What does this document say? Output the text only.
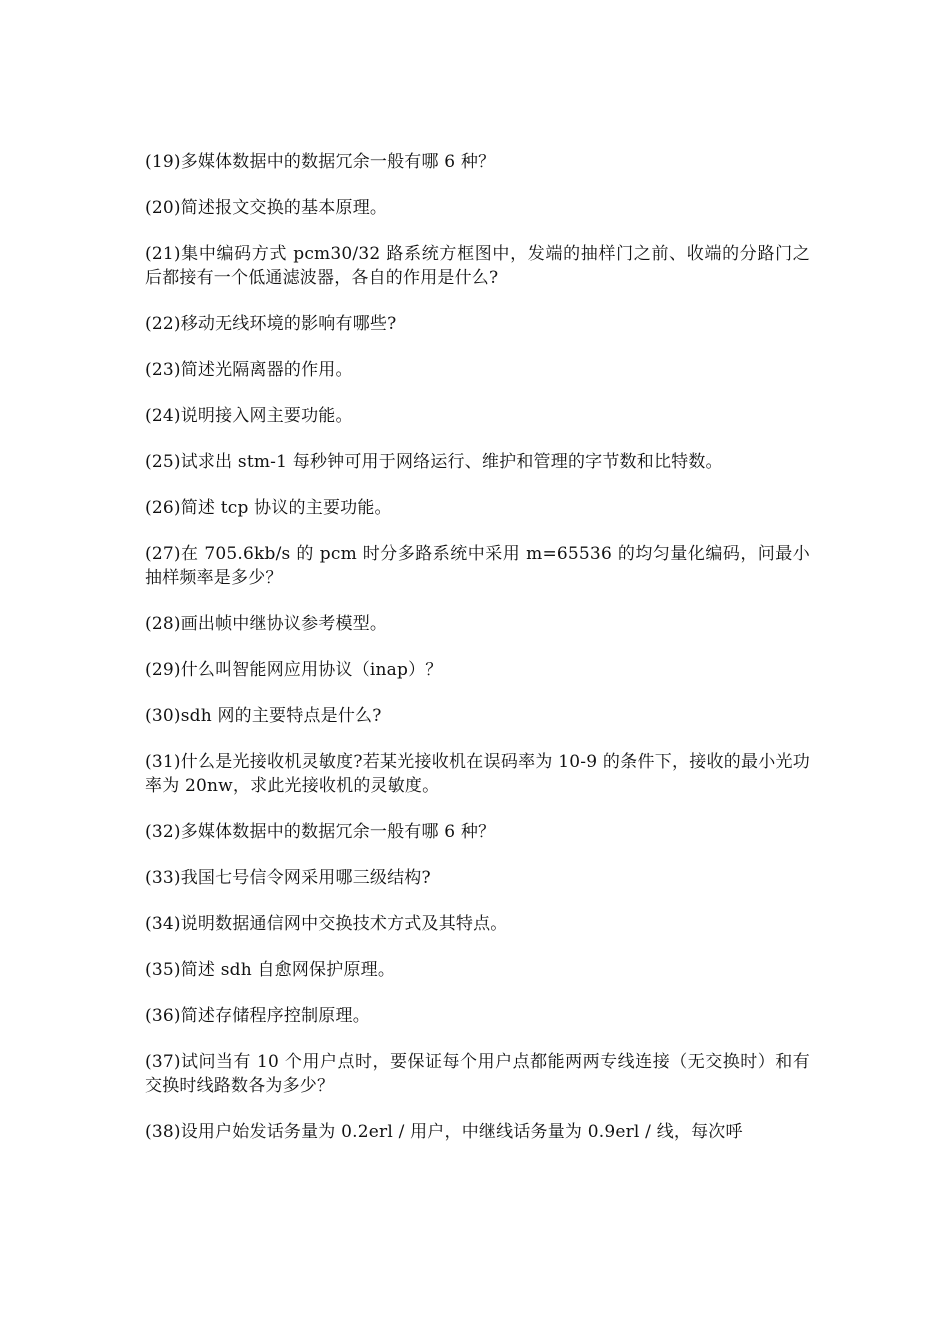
(19)多媒体数据中的数据冗余一般有哪 6 种？

(20)简述报文交换的基本原理。

(21)集中编码方式 pcm30/32 路系统方框图中，发端的抽样门之前、收端的分路门之后都接有一个低通滤波器，各自的作用是什么?

(22)移动无线环境的影响有哪些?

(23)简述光隔离器的作用。

(24)说明接入网主要功能。

(25)试求出 stm-1 每秒钟可用于网络运行、维护和管理的字节数和比特数。

(26)简述 tcp 协议的主要功能。

(27)在 705.6kb/s 的 pcm 时分多路系统中采用 m=65536 的均匀量化编码，问最小抽样频率是多少？

(28)画出帧中继协议参考模型。

(29)什么叫智能网应用协议（inap）？

(30)sdh 网的主要特点是什么?

(31)什么是光接收机灵敏度?若某光接收机在误码率为 10-9 的条件下，接收的最小光功率为 20nw，求此光接收机的灵敏度。

(32)多媒体数据中的数据冗余一般有哪 6 种？

(33)我国七号信令网采用哪三级结构?

(34)说明数据通信网中交换技术方式及其特点。

(35)简述 sdh 自愈网保护原理。

(36)简述存储程序控制原理。

(37)试问当有 10 个用户点时，要保证每个用户点都能两两专线连接（无交换时）和有交换时线路数各为多少？

(38)设用户始发话务量为 0.2erl / 用户，中继线话务量为 0.9erl / 线，每次呼
